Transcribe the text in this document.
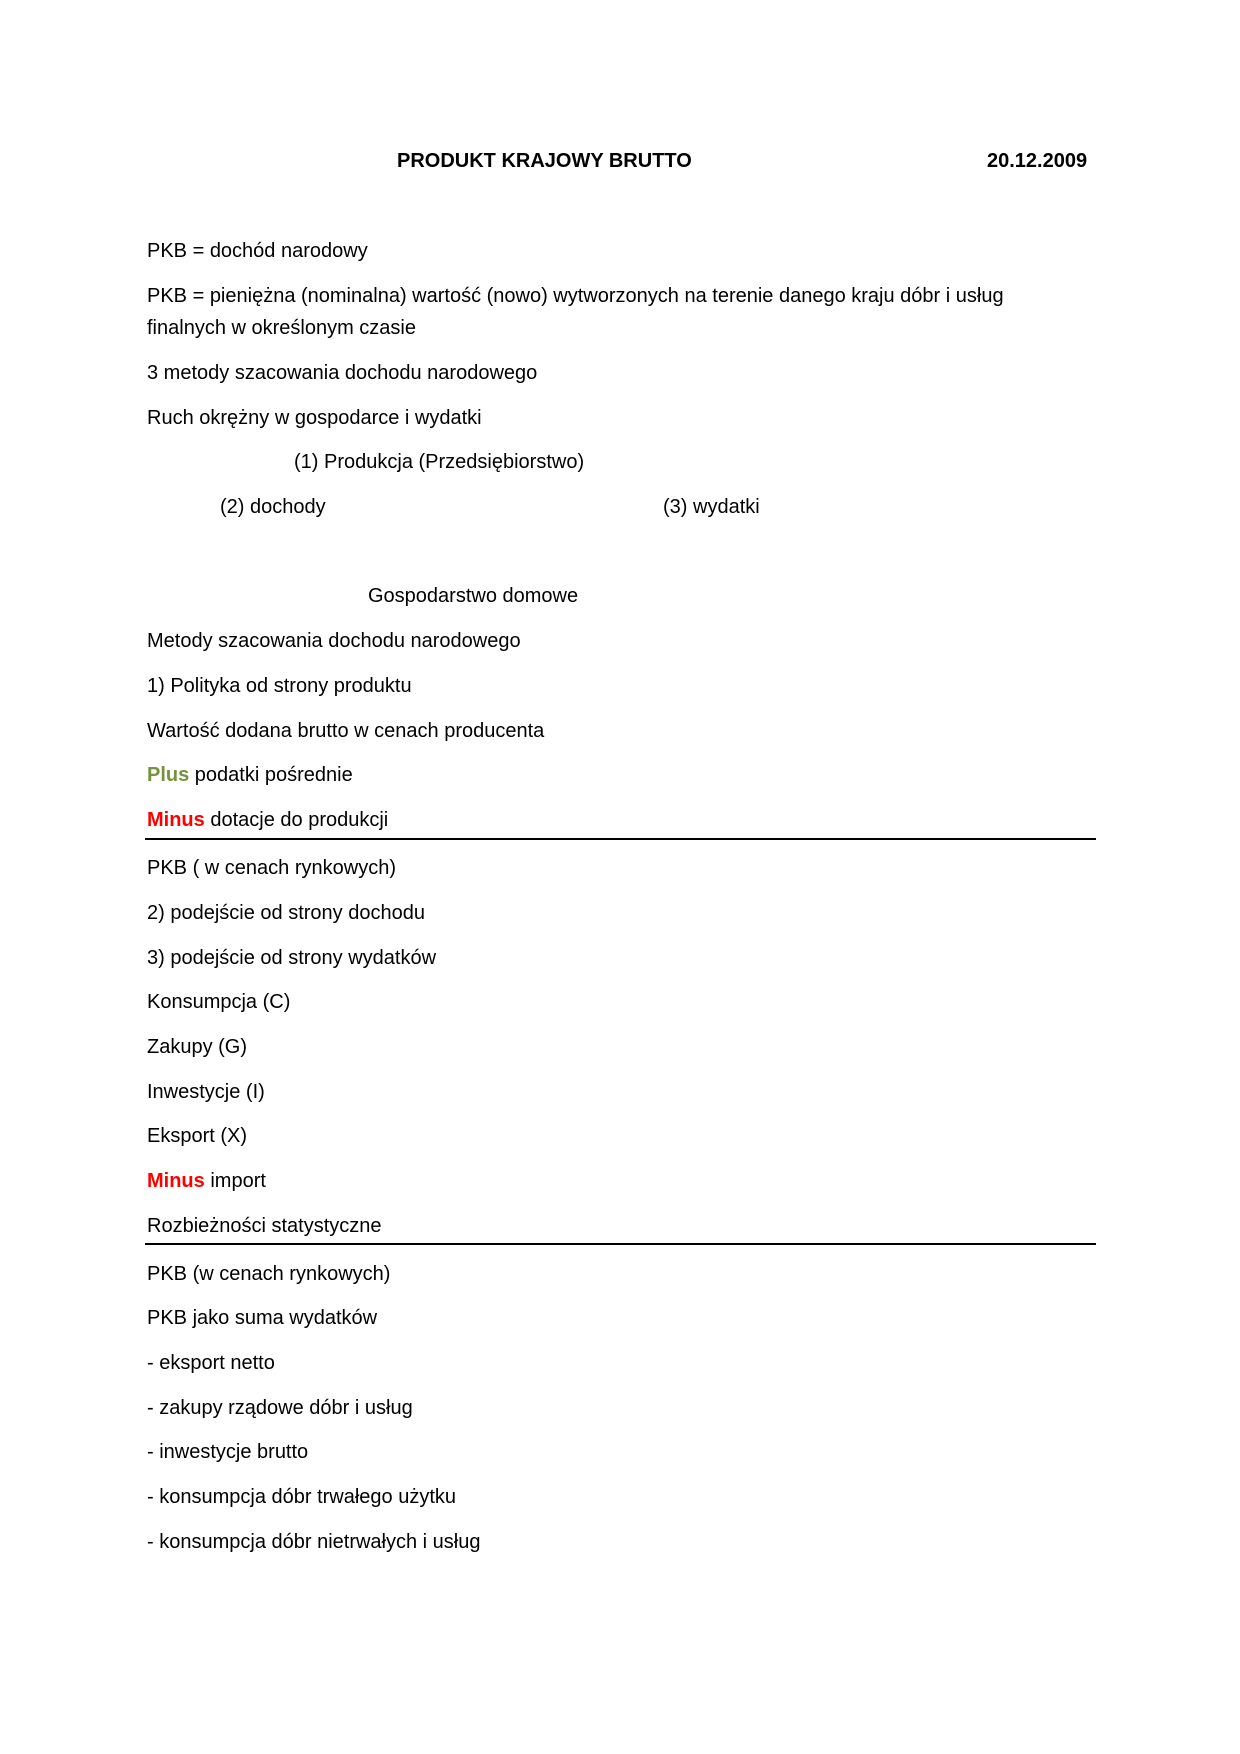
PRODUKT KRAJOWY BRUTTO	20.12.2009
PKB = dochód narodowy
PKB = pieniężna (nominalna) wartość (nowo) wytworzonych na terenie danego kraju dóbr i usług
finalnych w określonym czasie
3 metody szacowania dochodu narodowego
Ruch okrężny w gospodarce i wydatki
(1) Produkcja (Przedsiębiorstwo)
(2) dochody	(3) wydatki
Gospodarstwo domowe
Metody szacowania dochodu narodowego
1) Polityka od strony produktu
Wartość dodana brutto w cenach producenta
Plus podatki pośrednie
Minus dotacje do produkcji
PKB ( w cenach rynkowych)
2) podejście od strony dochodu
3) podejście od strony wydatków
Konsumpcja (C)
Zakupy (G)
Inwestycje (I)
Eksport (X)
Minus import
Rozbieżności statystyczne
PKB (w cenach rynkowych)
PKB jako suma wydatków
- eksport netto
- zakupy rządowe dóbr i usług
- inwestycje brutto
- konsumpcja dóbr trwałego użytku
- konsumpcja dóbr nietrwałych i usług
